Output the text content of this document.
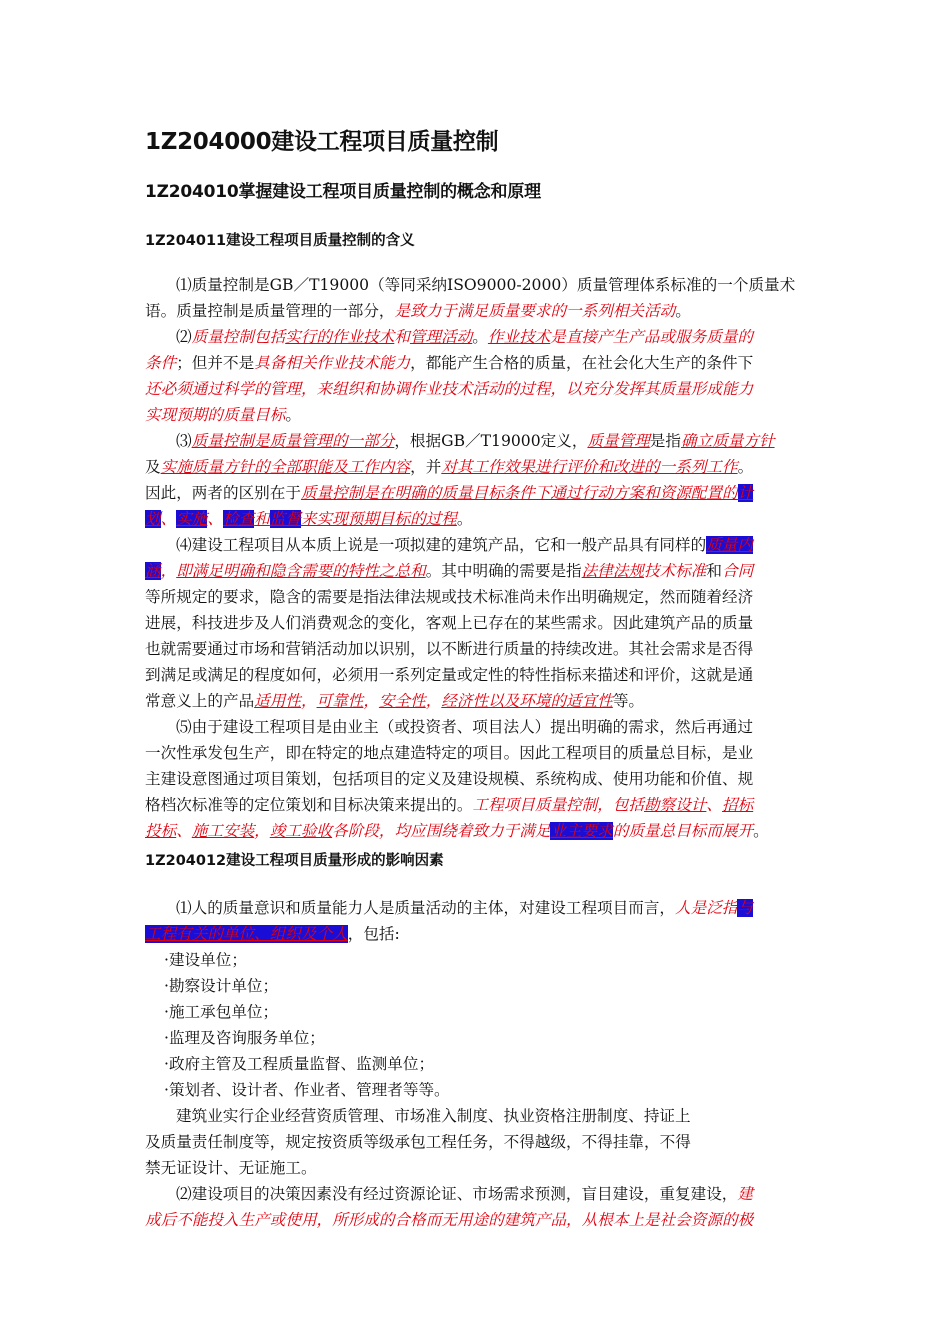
1Z204000建设工程项目质量控制
1Z204010掌握建设工程项目质量控制的概念和原理
1Z204011建设工程项目质量控制的含义
⑴质量控制是GB／T19000（等同采纳ISO9000-2000）质量管理体系标准的一个质量术
语。质量控制是质量管理的一部分，是致力于满足质量要求的一系列相关活动。
⑵质量控制包括实行的作业技术和管理活动。作业技术是直接产生产品或服务质量的
条件；但并不是具备相关作业技术能力，都能产生合格的质量，在社会化大生产的条件下
还必须通过科学的管理，来组织和协调作业技术活动的过程，以充分发挥其质量形成能力
实现预期的质量目标。
⑶质量控制是质量管理的一部分，根据GB／T19000定义，质量管理是指确立质量方针
及实施质量方针的全部职能及工作内容，并对其工作效果进行评价和改进的一系列工作。
因此，两者的区别在于质量控制是在明确的质量目标条件下通过行动方案和资源配置的计
划、实施、检查和监督来实现预期目标的过程。
⑷建设工程项目从本质上说是一项拟建的建筑产品，它和一般产品具有同样的质量内
涵，即满足明确和隐含需要的特性之总和。其中明确的需要是指法律法规技术标准和合同
等所规定的要求，隐含的需要是指法律法规或技术标准尚未作出明确规定，然而随着经济
进展，科技进步及人们消费观念的变化，客观上已存在的某些需求。因此建筑产品的质量
也就需要通过市场和营销活动加以识别，以不断进行质量的持续改进。其社会需求是否得
到满足或满足的程度如何，必须用一系列定量或定性的特性指标来描述和评价，这就是通
常意义上的产品适用性，可靠性，安全性，经济性以及环境的适宜性等。
⑸由于建设工程项目是由业主（或投资者、项目法人）提出明确的需求，然后再通过
一次性承发包生产，即在特定的地点建造特定的项目。因此工程项目的质量总目标，是业
主建设意图通过项目策划，包括项目的定义及建设规模、系统构成、使用功能和价值、规
格档次标准等的定位策划和目标决策来提出的。工程项目质量控制，包括勘察设计、招标
投标、施工安装，竣工验收各阶段，均应围绕着致力于满足业主要求的质量总目标而展开。
1Z204012建设工程项目质量形成的影响因素
⑴人的质量意识和质量能力人是质量活动的主体，对建设工程项目而言，人是泛指与
工程有关的单位、组织及个人，包括:
·建设单位；
·勘察设计单位；
·施工承包单位；
·监理及咨询服务单位；
·政府主管及工程质量监督、监测单位；
·策划者、设计者、作业者、管理者等等。
建筑业实行企业经营资质管理、市场准入制度、执业资格注册制度、持证上
及质量责任制度等，规定按资质等级承包工程任务，不得越级，不得挂靠，不得
禁无证设计、无证施工。
⑵建设项目的决策因素没有经过资源论证、市场需求预测，盲目建设，重复建设，建
成后不能投入生产或使用，所形成的合格而无用途的建筑产品，从根本上是社会资源的极
